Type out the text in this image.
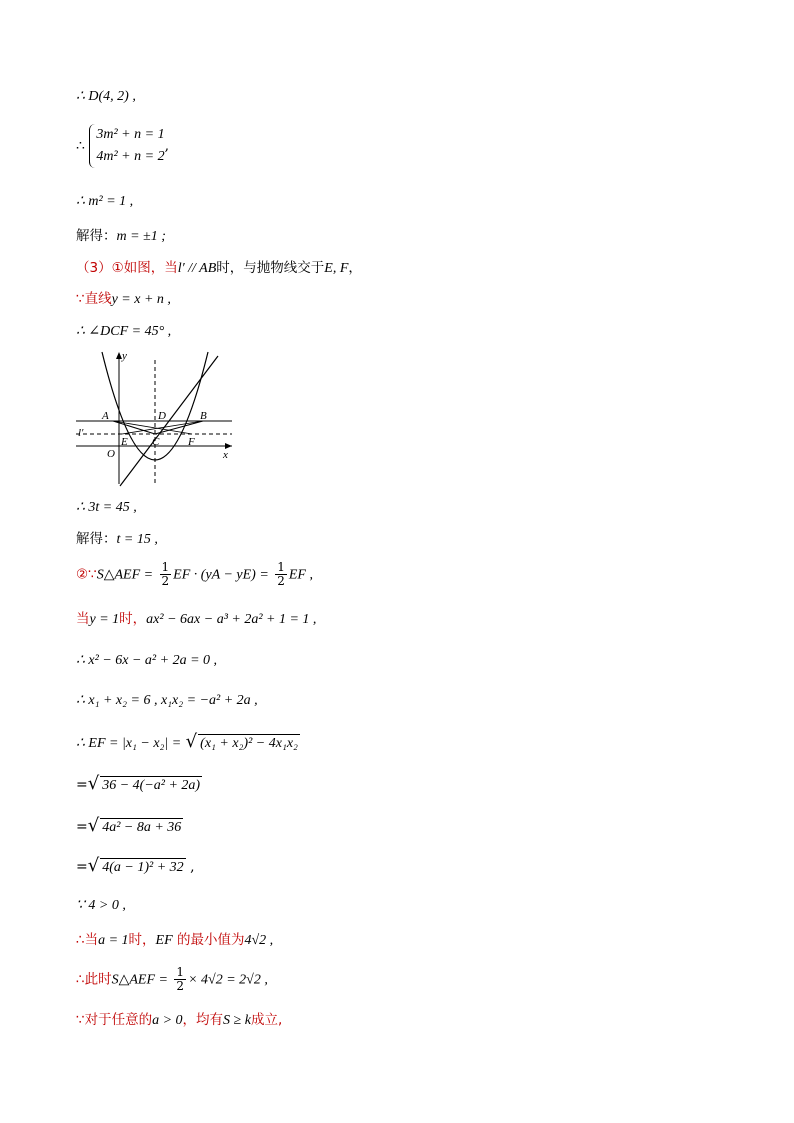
∴ D(4, 2) ,
∴
3m² + n = 1
4m² + n = 2
,
∴ m² = 1 ,
解得：m = ±1 ;
（3）①如图，当l′ // AB时，与抛物线交于E, F，
∵直线y = x + n ,
∴ ∠DCF = 45° ,
y
x
O
A	B
D
C
E	F
l′
∴ 3t = 45 ,
解得：t = 15 ,
②∵S△AEF = $\frac{1}{2}$ EF · $(yA - yE) = \frac{1}{2}$ EF ,
当y = 1时，ax² − 6ax − a³ + 2a² + 1 = 1 ,
∴ x² − 6x − a² + 2a = 0 ,
∴ x₁ + x₂ = 6 , x₁x₂ = −a² + 2a ,
∴ EF = |x₁ − x₂| = √ (x₁ + x₂)² − 4x₁x₂
=√ 36 − 4(−a² + 2a)
=√ 4a² − 8a + 36
=√ 4(a − 1)² + 32 ,
∵ 4 > 0 ,
∴当a = 1时，EF 的最小值为4√2 ,
∴此时S△AEF = $\frac{1}{2} \times 4√2 = 2√2$ ,
∵对于任意的a > 0，均有S ≥ k成立,
